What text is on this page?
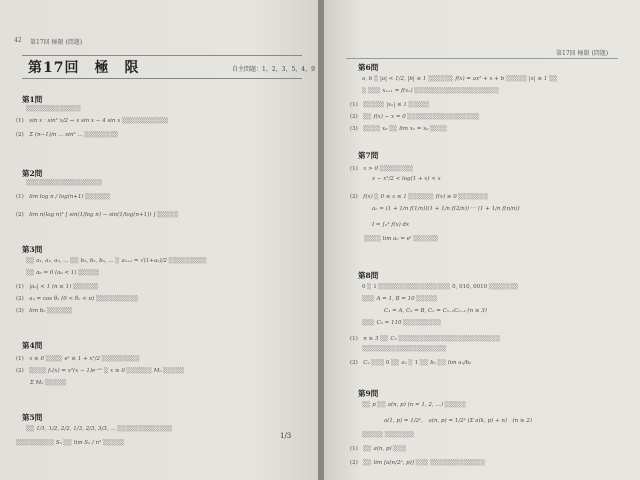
42 第17回 極限 (問題)
第17回　極　限	自主問題：1，2，3，5，4，9
第1問
░░░░░░░░░░░░░
(1)　sin x · sin² x/2 → x sin x − 4 sin x ░░░░░░░░░░░
(2)　Σ (n−1)/n … sin² … ░░░░░░░░
第2問
░░░░░░░░░░░░░░░░░░
(1)　lim log n / log(n+1) ░░░░░░
(2)　lim n(log n)² [ sin(1/log n) − sin(1/log(n+1)) ] ░░░░░
第3問
░░ a₁, a₂, a₃, … ░░ b₁, b₂, b₃, … ░ aₙ₊₁ = √(1+aₙ)/2 ░░░░░░░░░
░░ a₀ = 0 (a₀ < 1) ░░░░░
(1)　|aₙ| < 1 (n ≥ 1) ░░░░░░
(2)　aₙ = cos θₙ (0 < θₙ < π) ░░░░░░░░░░
(3)　lim bₙ ░░░░░░
第4問
(1)　x ≥ 0 ░░░░ eˣ ≥ 1 + x²/2 ░░░░░░░░░
(2)　░░░░ fₙ(x) = x²(x − 1)e⁻ⁿˣ ░ x ≥ 0 ░░░░░░ Mₙ ░░░░░
Σ Mₙ ░░░░░
第5問
░░ 1/1, 1/2, 2/2, 1/3, 2/3, 3/3, … ░░░░░░░░░░░░░
1/3
░░░░░░░░░ Sₙ ░░ lim Sₙ / n² ░░░░░
第17回 極限 (問題)
第6問
a, b ░ |a| < 1/2, |b| ≤ 1 ░░░░░░ f(x) = ax² + x + b ░░░░░ |x| ≤ 1 ░░
░ ░░░ xₙ₊₁ = f(xₙ) ░░░░░░░░░░░░░░░░░░░░
(1)　░░░░░ |xₙ| ≤ 1 ░░░░░
(2)　░░ f(x) − x = 0 ░░░░░░░░░░░░░░░░░
(3)　░░░░ x₀ ░░ lim xₙ = x₀ ░░░░
第7問
(1)　x > 0 ░░░░░░░░
x − x²/2 < log(1 + x) < x
(2)　f(x) ░ 0 ≤ x ≤ 1 ░░░░░░ f(x) ≥ 0 ░░░░░░░
aₙ = (1 + 1/n f(1/n))(1 + 1/n f(2/n)) ··· (1 + 1/n f(n/n))
I = ∫₀¹ f(x) dx
░░░░ lim aₙ = eᴵ ░░░░░░
第8問
0 ░ 1 ░░░░░░░░░░░░░░░░░ 0, 010, 0010 ░░░░░░░
░░░ A = 1, B = 10 ░░░░░
C₁ = A, C₂ = B, Cₙ = Cₙ₋₁Cₙ₋₂ (n ≥ 3)
░░░ C₃ = 110 ░░░░░░░░░
(1)　n ≥ 3 ░░ Cₙ ░░░░░░░░░░░░░░░░░░░░░░░░
░░░░░░░░░░░░░░░░░░░░
(2)　Cₙ ░░░ 0 ░░ aₙ ░ 1 ░░ bₙ ░░ lim aₙ/bₙ
第9問
░░ p ░░ a(n, p) (n = 1, 2, …) ░░░░░
a(1, p) = 1/2ᵖ,　a(n, p) = 1/2ᵖ (Σ a(k, p) + n)　(n ≥ 2)
░░░░░ ░░░░░░░
(1)　░░ a(n, p) ░░░
(2)　░░ lim [a(n/2ᵖ, p)] ░░░ ░░░░░░░░░░░░░
